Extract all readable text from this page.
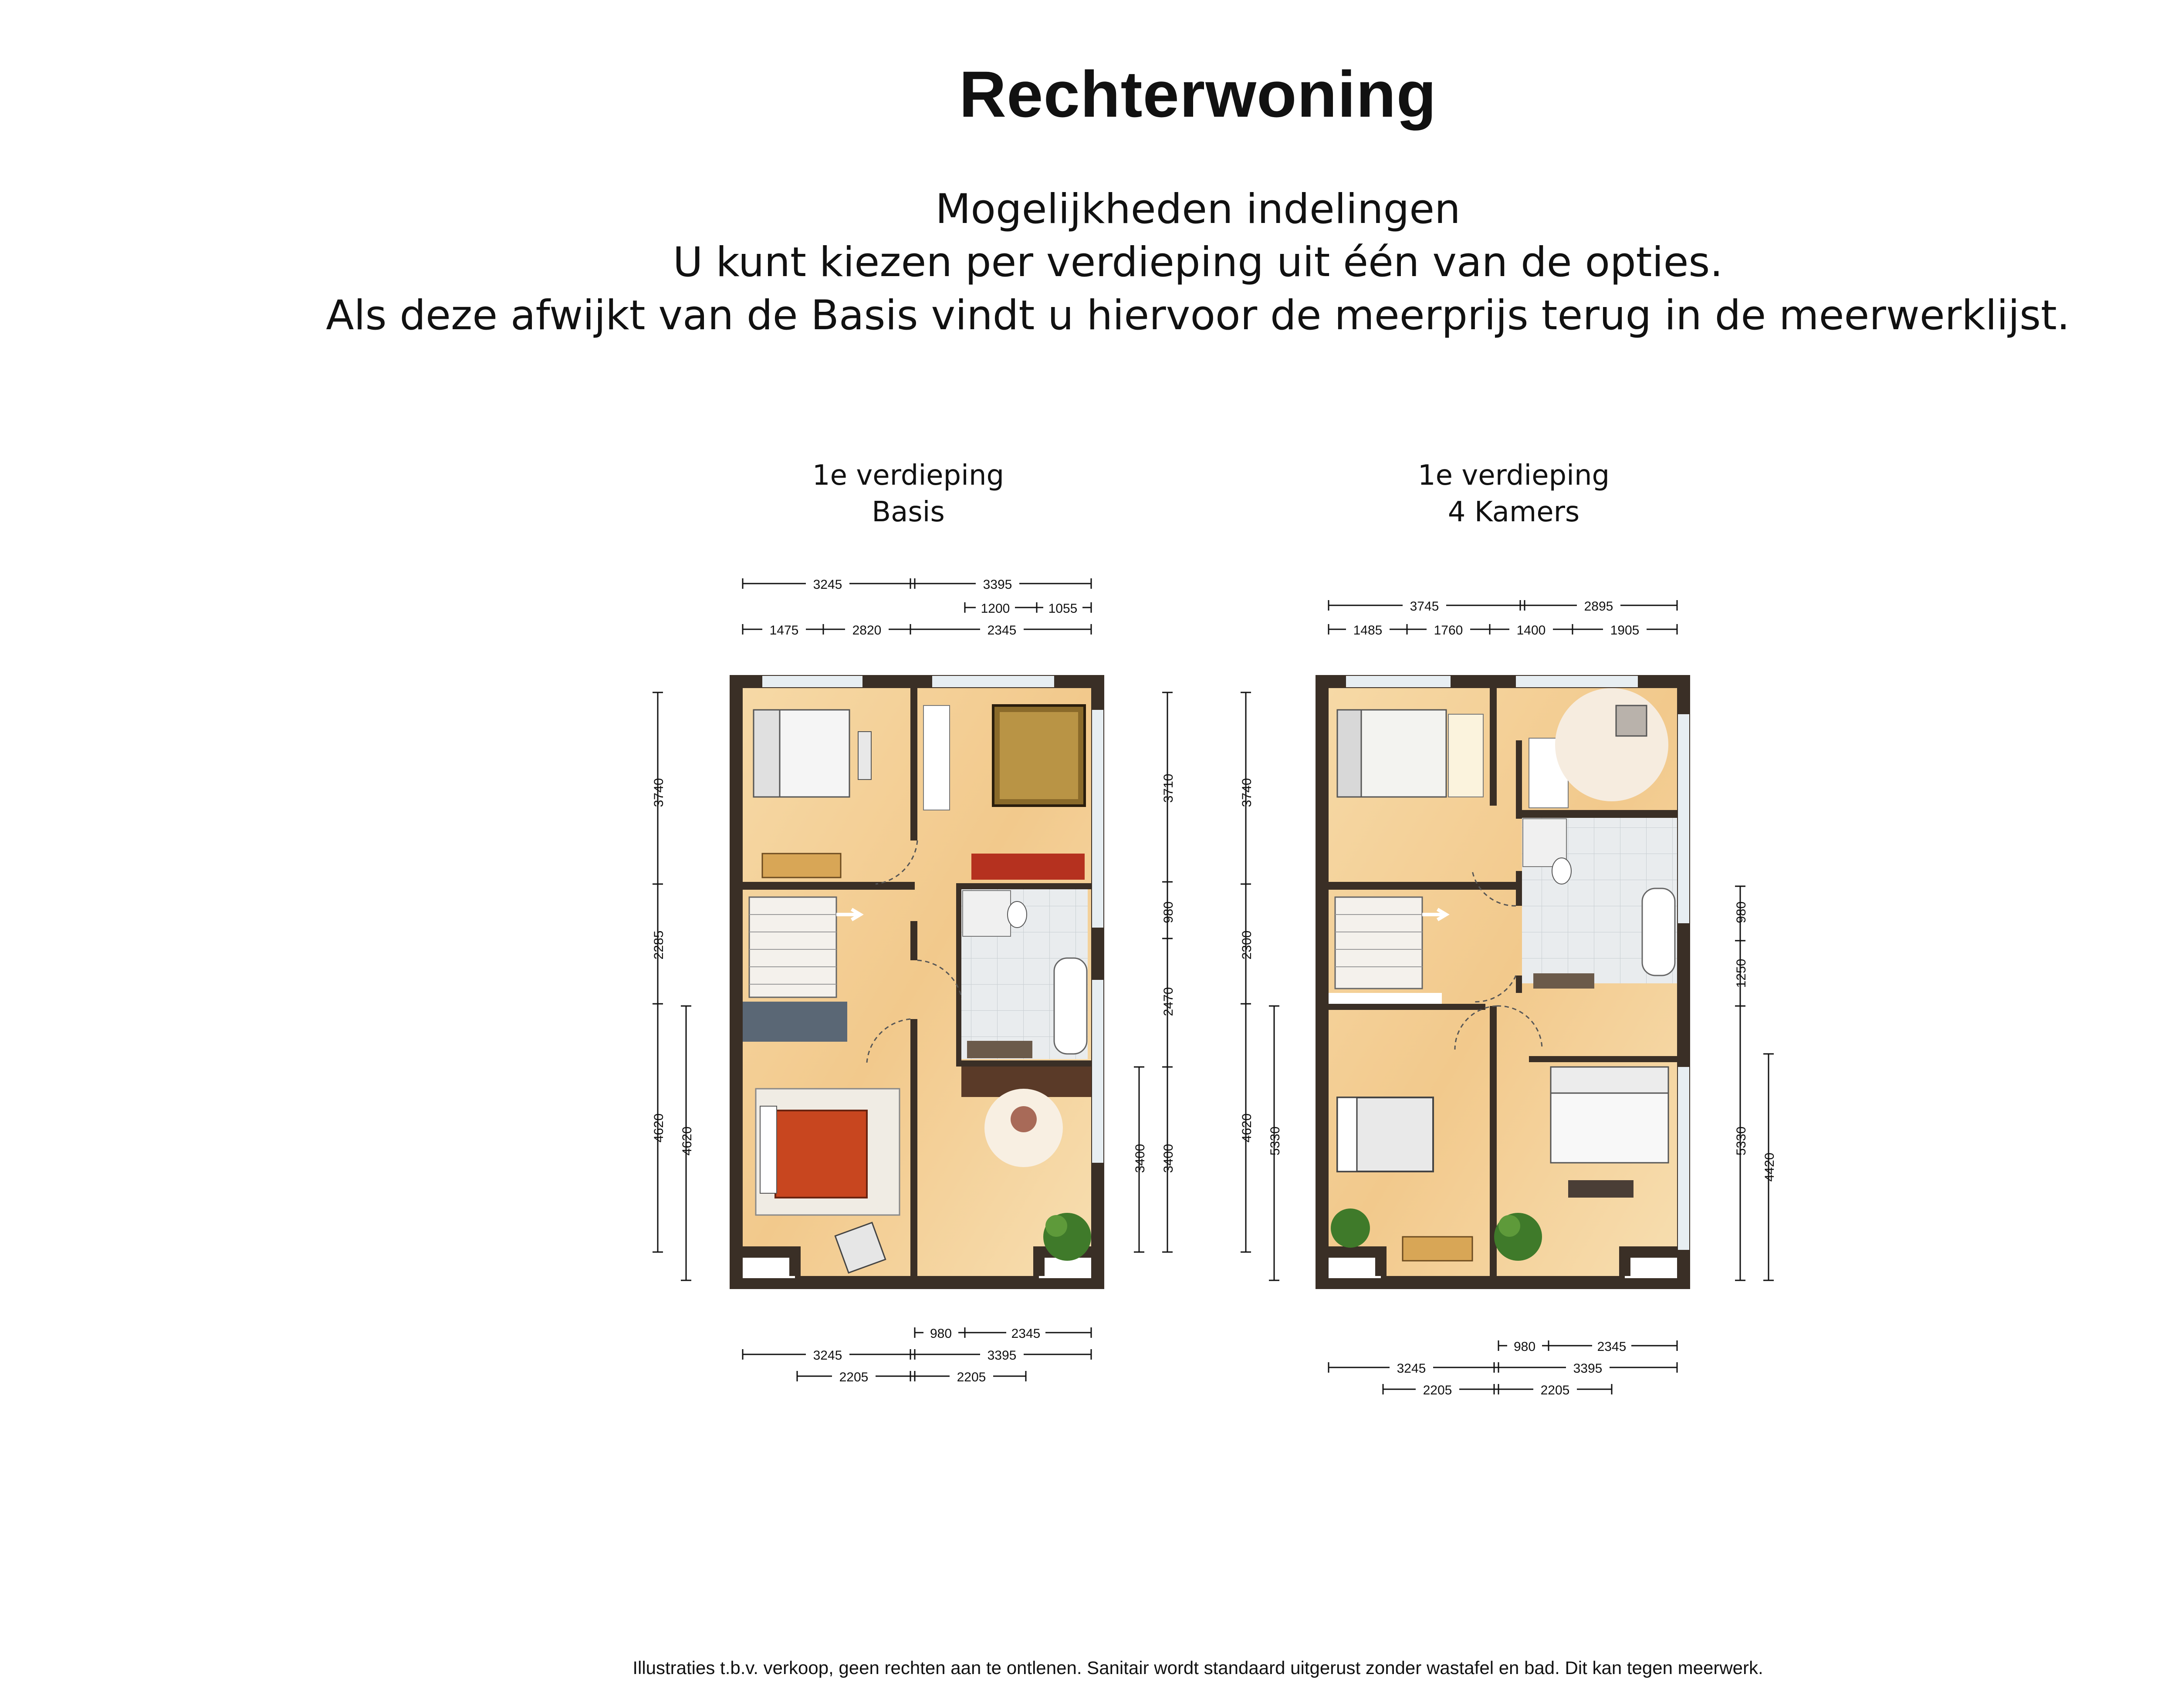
Rechterwoning
Mogelijkheden indelingen
U kunt kiezen per verdieping uit één van de opties.
Als deze afwijkt van de Basis vindt u hiervoor de meerprijs terug in de meerwerklijst.
1e verdieping
Basis
1e verdieping
4 Kamers
3245	3395
1200	1055
1475	2820	2345
3740
2285
4620 4620
3710
980
2470
3400
3400
980	2345
3245	3395
2205	2205
3745	2895
1485	1760	1400	1905
3740
2300
4620 5330
980
1250
5330
4420
980	2345
3245	3395
2205	2205
Illustraties t.b.v. verkoop, geen rechten aan te ontlenen. Sanitair wordt standaard uitgerust zonder wastafel en bad. Dit kan tegen meerwerk.
